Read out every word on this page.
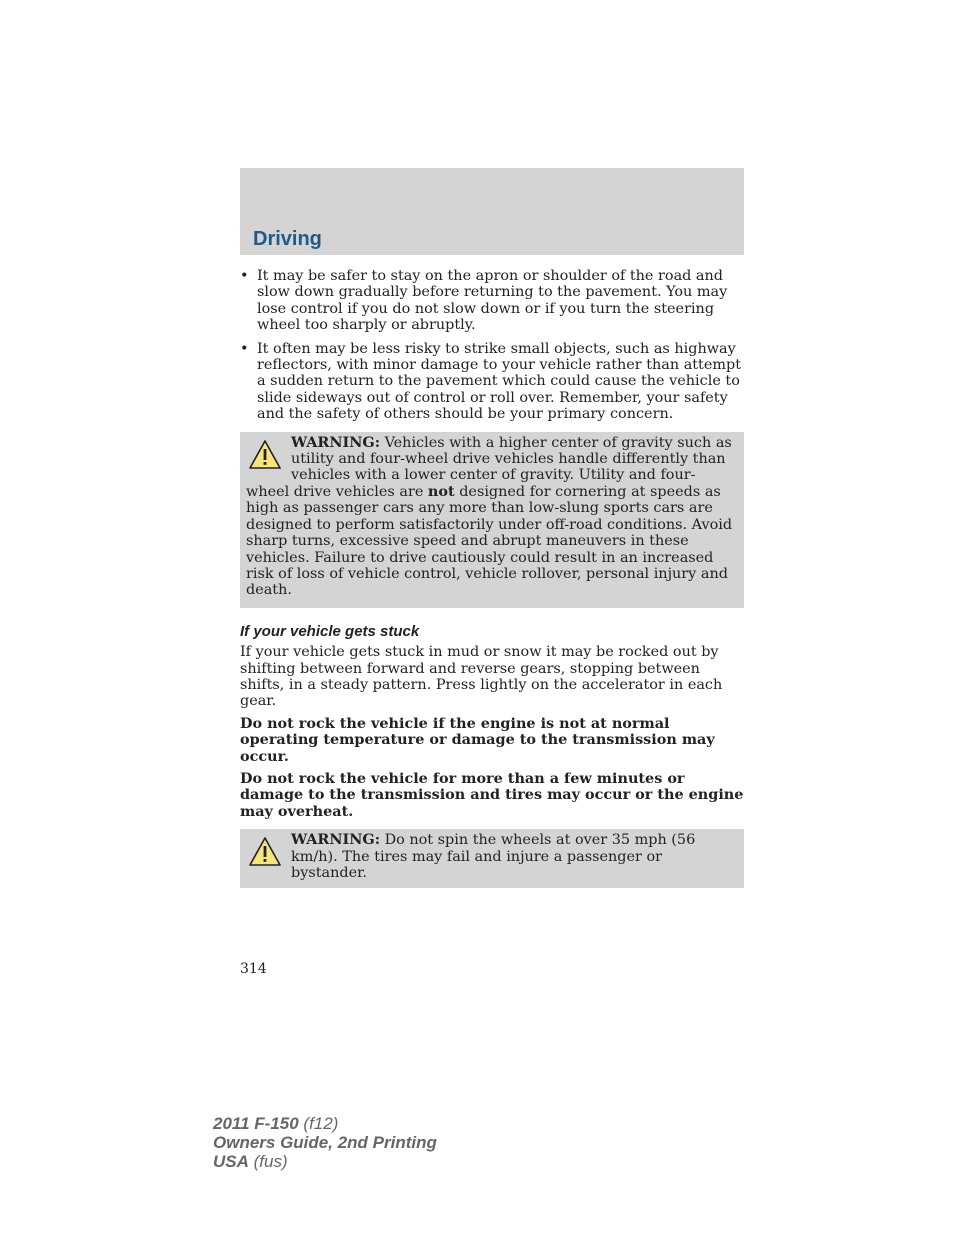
Driving
• It may be safer to stay on the apron or shoulder of the road and slow down gradually before returning to the pavement. You may lose control if you do not slow down or if you turn the steering wheel too sharply or abruptly.
• It often may be less risky to strike small objects, such as highway reflectors, with minor damage to your vehicle rather than attempt a sudden return to the pavement which could cause the vehicle to slide sideways out of control or roll over. Remember, your safety and the safety of others should be your primary concern.
WARNING: Vehicles with a higher center of gravity such as utility and four-wheel drive vehicles handle differently than vehicles with a lower center of gravity. Utility and four-wheel drive vehicles are not designed for cornering at speeds as high as passenger cars any more than low-slung sports cars are designed to perform satisfactorily under off-road conditions. Avoid sharp turns, excessive speed and abrupt maneuvers in these vehicles. Failure to drive cautiously could result in an increased risk of loss of vehicle control, vehicle rollover, personal injury and death.
If your vehicle gets stuck

If your vehicle gets stuck in mud or snow it may be rocked out by shifting between forward and reverse gears, stopping between shifts, in a steady pattern. Press lightly on the accelerator in each gear.

Do not rock the vehicle if the engine is not at normal operating temperature or damage to the transmission may occur.

Do not rock the vehicle for more than a few minutes or damage to the transmission and tires may occur or the engine may overheat.

WARNING: Do not spin the wheels at over 35 mph (56 km/h). The tires may fail and injure a passenger or bystander.
314
2011 F-150 (f12)
Owners Guide, 2nd Printing
USA (fus)
